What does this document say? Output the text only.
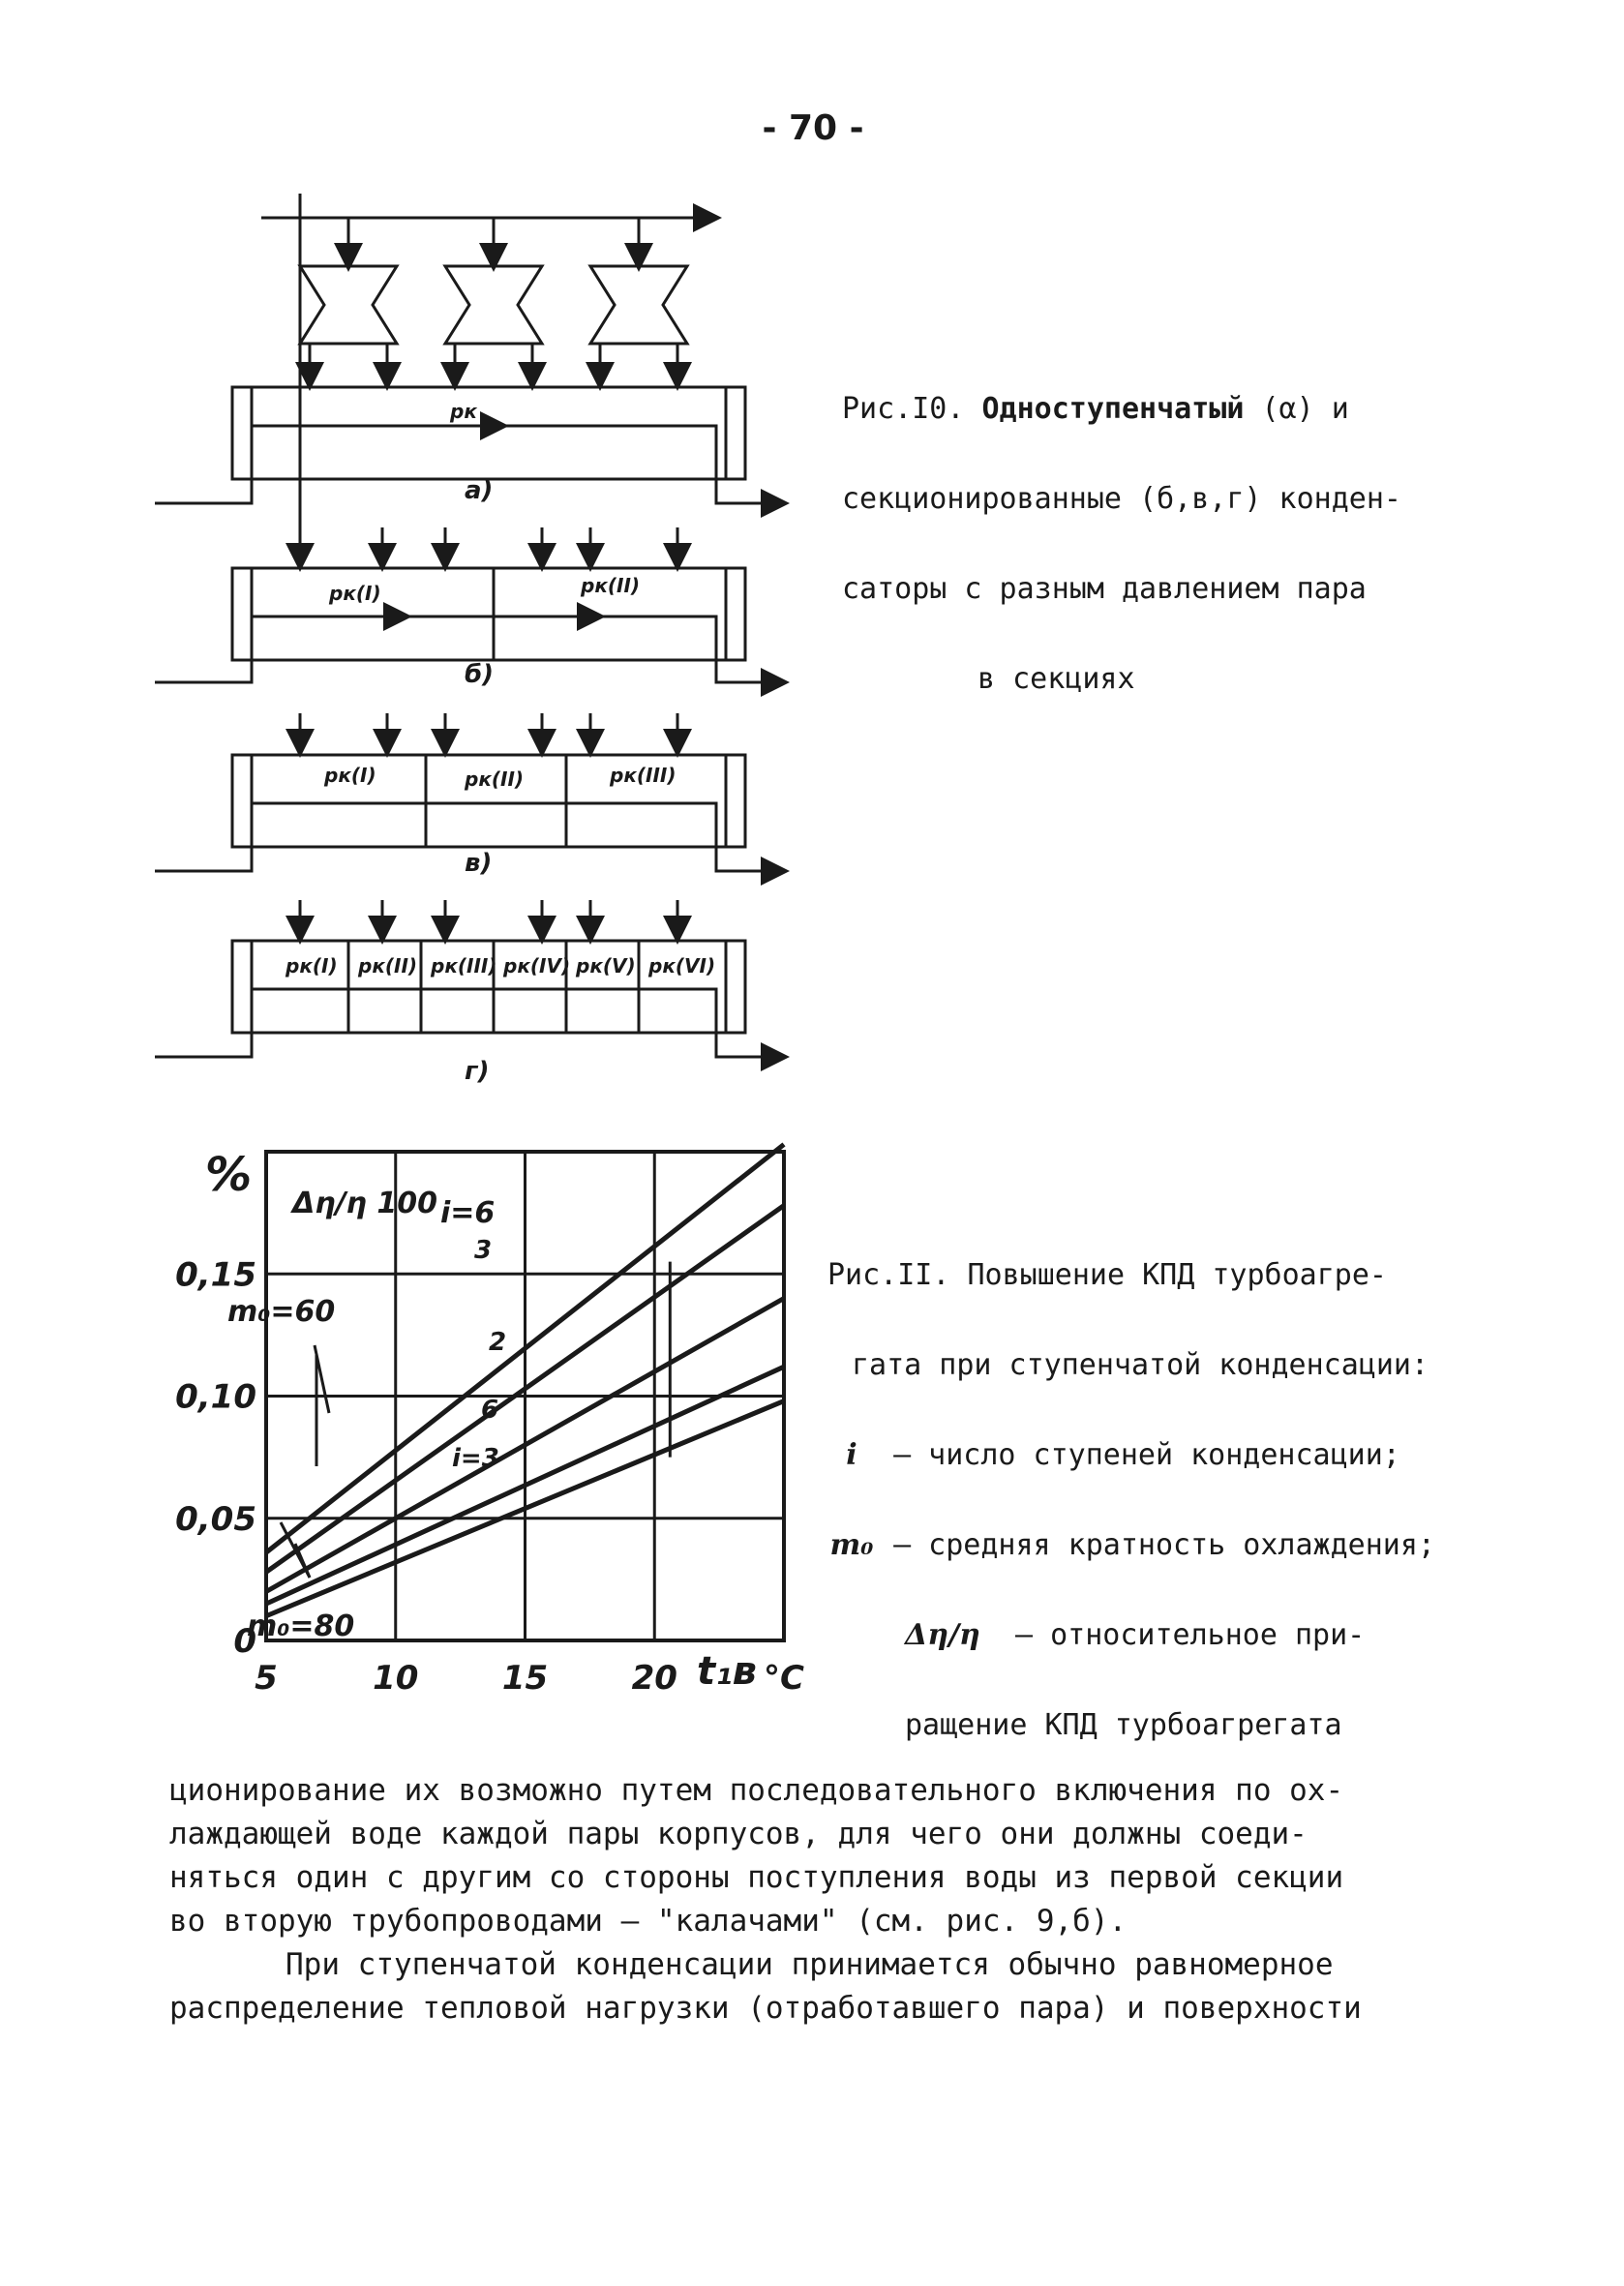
- 70 -
pк
а)
pк(I)	pк(II)
б)
pк(I)	pк(II)	pк(III)
в)
pк(I) pк(II) pк(III) pк(IV) pк(V) pк(VI)
г)

Рис.I0. Одноступенчатый (α) и

секционированные (б,в,г) конден-

саторы с разным давлением пара

в секциях

0
0,05
0,10
0,15
5	10	15	20	°C
%
Δη/η 100
t₁в
m₀=60
m₀=80
i=6
3
2
6
i=3

Рис.II. Повышение КПД турбоагре-

гата при ступенчатой конденсации:

i – число ступеней конденсации;

m₀ – средняя кратность охлаждения;

Δη/η – относительное при-

ращение КПД турбоагрегата

ционирование их возможно путем последовательного включения по ох-

лаждающей воде каждой пары корпусов, для чего они должны соеди-

няться один с другим со стороны поступления воды из первой секции

во вторую трубопроводами – "калачами" (см. рис. 9,б).

При ступенчатой конденсации принимается обычно равномерное

распределение тепловой нагрузки (отработавшего пара) и поверхности
